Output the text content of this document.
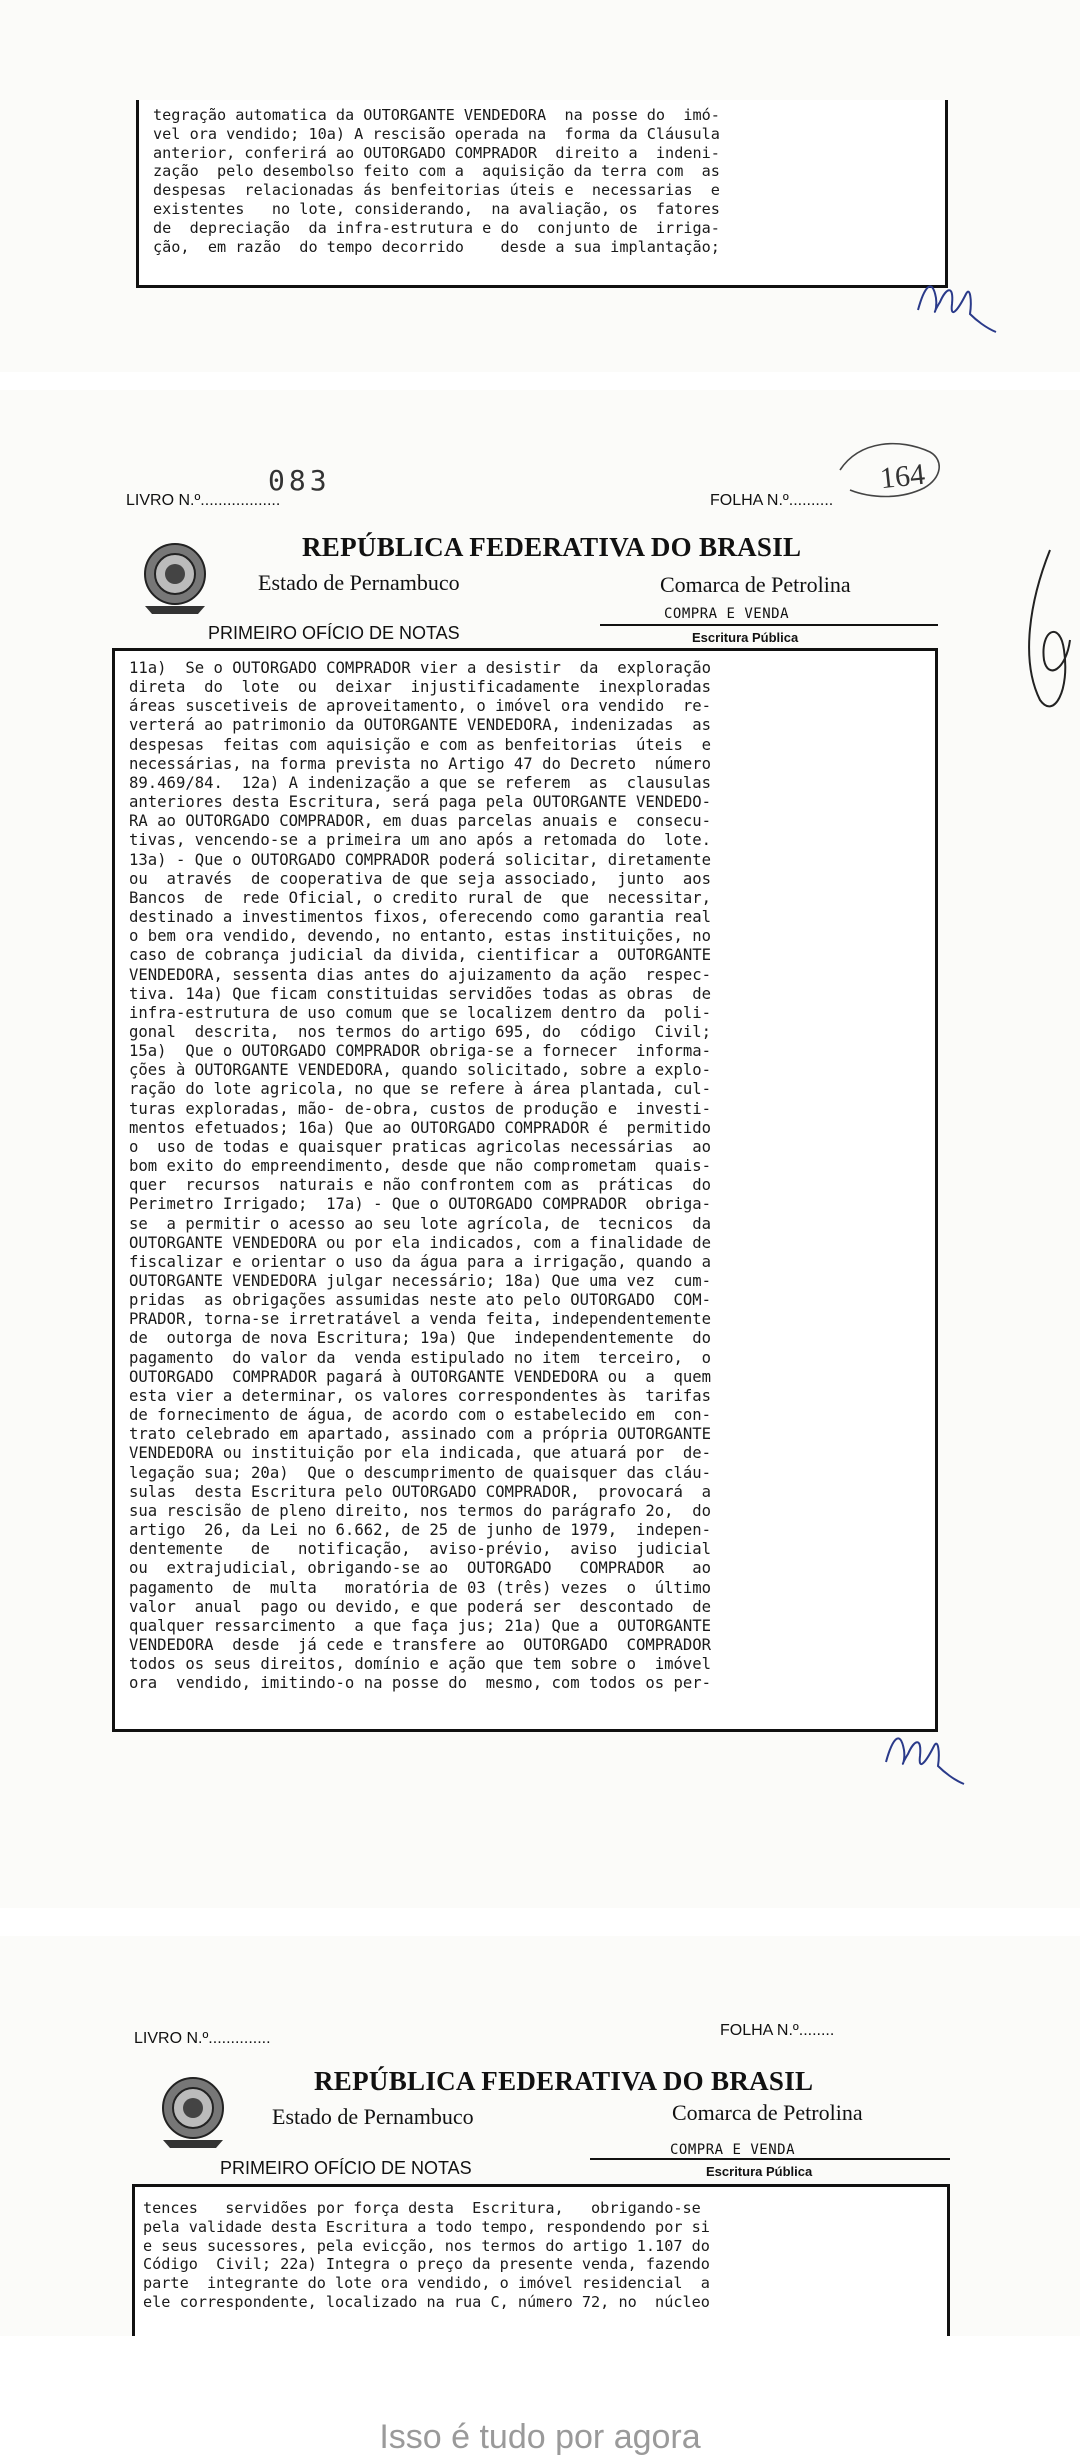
tegração automatica da OUTORGANTE VENDEDORA  na posse do  imó-
vel ora vendido; 10a) A rescisão operada na  forma da Cláusula
anterior, conferirá ao OUTORGADO COMPRADOR  direito a  indeni-
zação  pelo desembolso feito com a  aquisição da terra com  as
despesas  relacionadas ás benfeitorias úteis e  necessarias  e
existentes   no lote, considerando,  na avaliação, os  fatores
de  depreciação  da infra-estrutura e do  conjunto de  irriga-
ção,  em razão  do tempo decorrido    desde a sua implantação;
LIVRO N.º..................
083
FOLHA N.º..........
164
REPÚBLICA FEDERATIVA DO BRASIL
Estado de Pernambuco	Comarca de Petrolina
COMPRA E VENDA
PRIMEIRO OFÍCIO DE NOTAS	Escritura Pública
11a)  Se o OUTORGADO COMPRADOR vier a desistir  da  exploração
direta  do  lote  ou  deixar  injustificadamente  inexploradas
áreas suscetiveis de aproveitamento, o imóvel ora vendido  re-
verterá ao patrimonio da OUTORGANTE VENDEDORA, indenizadas  as
despesas  feitas com aquisição e com as benfeitorias  úteis  e
necessárias, na forma prevista no Artigo 47 do Decreto  número
89.469/84.  12a) A indenização a que se referem  as  clausulas
anteriores desta Escritura, será paga pela OUTORGANTE VENDEDO-
RA ao OUTORGADO COMPRADOR, em duas parcelas anuais e  consecu-
tivas, vencendo-se a primeira um ano após a retomada do  lote.
13a) - Que o OUTORGADO COMPRADOR poderá solicitar, diretamente
ou  através  de cooperativa de que seja associado,  junto  aos
Bancos  de  rede Oficial, o credito rural de  que  necessitar,
destinado a investimentos fixos, oferecendo como garantia real
o bem ora vendido, devendo, no entanto, estas instituições, no
caso de cobrança judicial da divida, cientificar a  OUTORGANTE
VENDEDORA, sessenta dias antes do ajuizamento da ação  respec-
tiva. 14a) Que ficam constituidas servidões todas as obras  de
infra-estrutura de uso comum que se localizem dentro da  poli-
gonal  descrita,  nos termos do artigo 695, do  código  Civil;
15a)  Que o OUTORGADO COMPRADOR obriga-se a fornecer  informa-
ções à OUTORGANTE VENDEDORA, quando solicitado, sobre a explo-
ração do lote agricola, no que se refere à área plantada, cul-
turas exploradas, mão- de-obra, custos de produção e  investi-
mentos efetuados; 16a) Que ao OUTORGADO COMPRADOR é  permitido
o  uso de todas e quaisquer praticas agricolas necessárias  ao
bom exito do empreendimento, desde que não comprometam  quais-
quer  recursos  naturais e não confrontem com as  práticas  do
Perimetro Irrigado;  17a) - Que o OUTORGADO COMPRADOR  obriga-
se  a permitir o acesso ao seu lote agrícola, de  tecnicos  da
OUTORGANTE VENDEDORA ou por ela indicados, com a finalidade de
fiscalizar e orientar o uso da água para a irrigação, quando a
OUTORGANTE VENDEDORA julgar necessário; 18a) Que uma vez  cum-
pridas  as obrigações assumidas neste ato pelo OUTORGADO  COM-
PRADOR, torna-se irretratável a venda feita, independentemente
de  outorga de nova Escritura; 19a) Que  independentemente  do
pagamento  do valor da  venda estipulado no item  terceiro,  o
OUTORGADO  COMPRADOR pagará à OUTORGANTE VENDEDORA ou  a  quem
esta vier a determinar, os valores correspondentes às  tarifas
de fornecimento de água, de acordo com o estabelecido em  con-
trato celebrado em apartado, assinado com a própria OUTORGANTE
VENDEDORA ou instituição por ela indicada, que atuará por  de-
legação sua; 20a)  Que o descumprimento de quaisquer das cláu-
sulas  desta Escritura pelo OUTORGADO COMPRADOR,  provocará  a
sua rescisão de pleno direito, nos termos do parágrafo 2o,  do
artigo  26, da Lei no 6.662, de 25 de junho de 1979,  indepen-
dentemente   de   notificação,  aviso-prévio,  aviso  judicial
ou  extrajudicial, obrigando-se ao  OUTORGADO   COMPRADOR   ao
pagamento  de  multa   moratória de 03 (três) vezes  o  último
valor  anual  pago ou devido, e que poderá ser  descontado  de
qualquer ressarcimento  a que faça jus; 21a) Que a  OUTORGANTE
VENDEDORA  desde  já cede e transfere ao  OUTORGADO  COMPRADOR
todos os seus direitos, domínio e ação que tem sobre o  imóvel
ora  vendido, imitindo-o na posse do  mesmo, com todos os per-
LIVRO N.º..............	FOLHA N.º........
REPÚBLICA FEDERATIVA DO BRASIL
Estado de Pernambuco	Comarca de Petrolina
COMPRA E VENDA
PRIMEIRO OFÍCIO DE NOTAS	Escritura Pública
tences   servidões por força desta  Escritura,   obrigando-se
pela validade desta Escritura a todo tempo, respondendo por si
e seus sucessores, pela evicção, nos termos do artigo 1.107 do
Código  Civil; 22a) Integra o preço da presente venda, fazendo
parte  integrante do lote ora vendido, o imóvel residencial  a
ele correspondente, localizado na rua C, número 72, no  núcleo
Isso é tudo por agora
